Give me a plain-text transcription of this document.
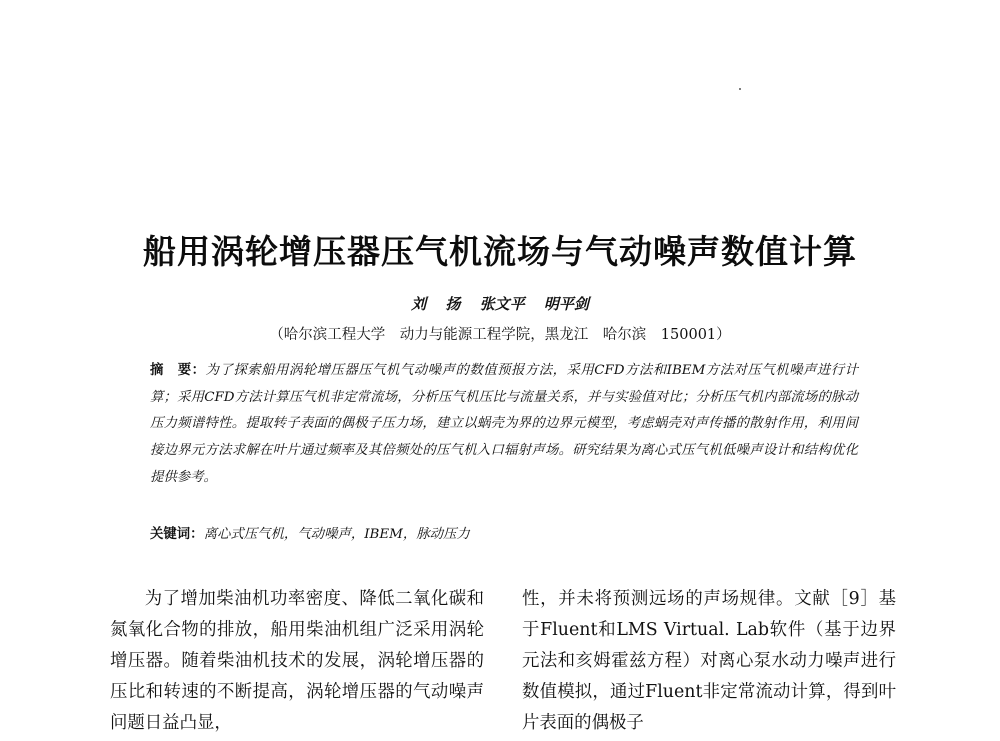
船用涡轮增压器压气机流场与气动噪声数值计算
刘 扬 张文平 明平剑
（哈尔滨工程大学　动力与能源工程学院，黑龙江　哈尔滨　150001）
摘　要：为了探索船用涡轮增压器压气机气动噪声的数值预报方法，采用CFD方法和IBEM方法对压气机噪声进行计算；采用CFD方法计算压气机非定常流场，分析压气机压比与流量关系，并与实验值对比；分析压气机内部流场的脉动压力频谱特性。提取转子表面的偶极子压力场，建立以蜗壳为界的边界元模型，考虑蜗壳对声传播的散射作用，利用间接边界元方法求解在叶片通过频率及其倍频处的压气机入口辐射声场。研究结果为离心式压气机低噪声设计和结构优化提供参考。
关键词：离心式压气机，气动噪声，IBEM，脉动压力

为了增加柴油机功率密度、降低二氧化碳和氮氧化合物的排放，船用柴油机组广泛采用涡轮增压器。随着柴油机技术的发展，涡轮增压器的压比和转速的不断提高，涡轮增压器的气动噪声问题日益凸显，

性，并未将预测远场的声场规律。文献［9］基于Fluent和LMS Virtual. Lab软件（基于边界元法和亥姆霍兹方程）对离心泵水动力噪声进行数值模拟，通过Fluent非定常流动计算，得到叶片表面的偶极子
